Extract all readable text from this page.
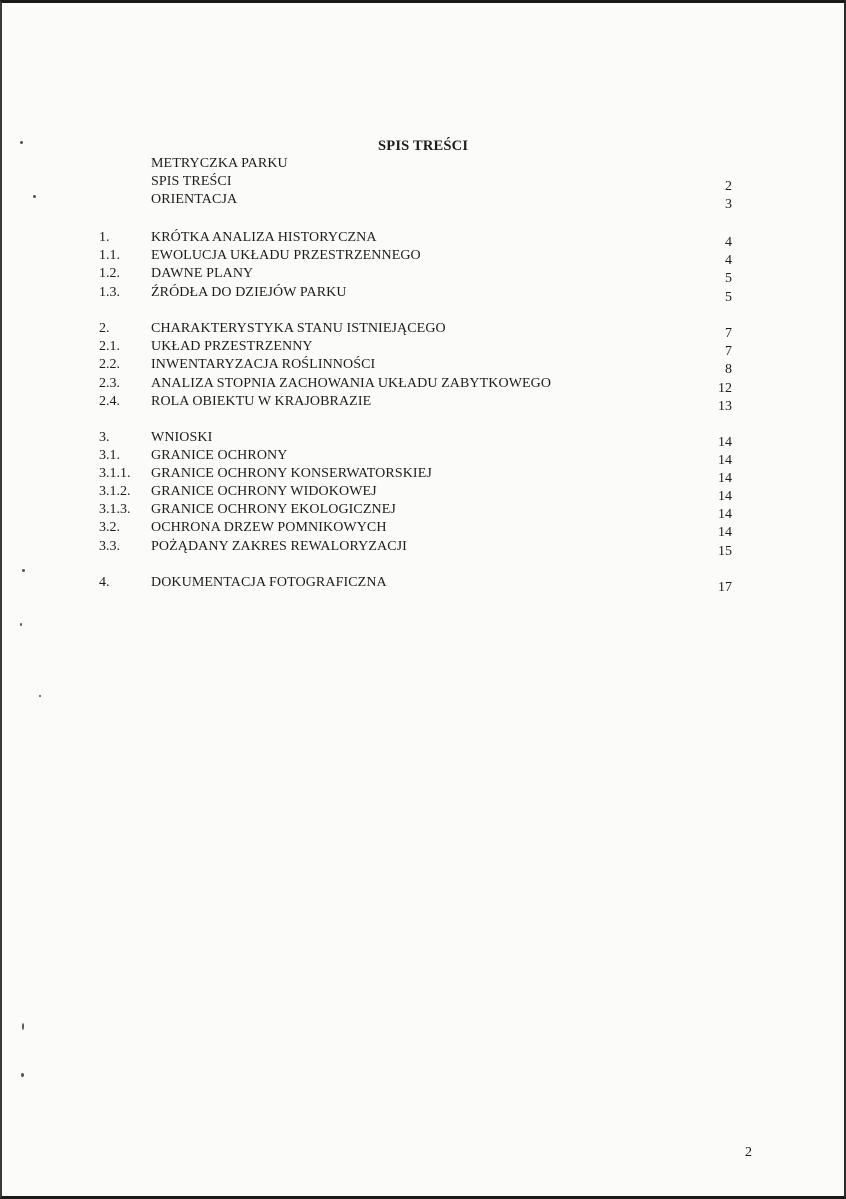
SPIS TREŚCI
METRYCZKA PARKU
SPIS TREŚCI	2
ORIENTACJA	3
1.	KRÓTKA ANALIZA HISTORYCZNA	4
1.1. EWOLUCJA UKŁADU PRZESTRZENNEGO	4
1.2. DAWNE PLANY	5
1.3. ŹRÓDŁA DO DZIEJÓW PARKU	5
2.	CHARAKTERYSTYKA STANU ISTNIEJĄCEGO	7
2.1. UKŁAD PRZESTRZENNY	7
2.2. INWENTARYZACJA ROŚLINNOŚCI	8
2.3. ANALIZA STOPNIA ZACHOWANIA UKŁADU ZABYTKOWEGO	12
2.4. ROLA OBIEKTU W KRAJOBRAZIE	13
3.	WNIOSKI	14
3.1. GRANICE OCHRONY	14
3.1.1. GRANICE OCHRONY KONSERWATORSKIEJ	14
3.1.2. GRANICE OCHRONY WIDOKOWEJ	14
3.1.3. GRANICE OCHRONY EKOLOGICZNEJ	14
3.2. OCHRONA DRZEW POMNIKOWYCH	14
3.3. POŻĄDANY ZAKRES REWALORYZACJI	15
4.	DOKUMENTACJA FOTOGRAFICZNA	17
2
